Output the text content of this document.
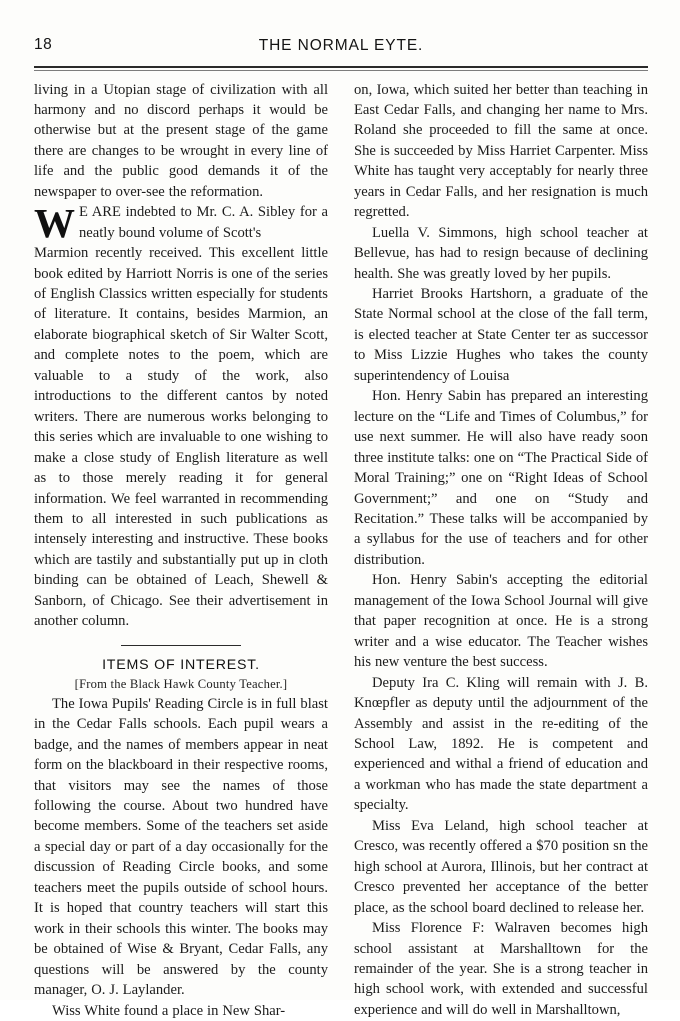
18	THE NORMAL EYTE.

living in a Utopian stage of civilization with all harmony and no discord perhaps it would be otherwise but at the present stage of the game there are changes to be wrought in every line of life and the public good demands it of the newspaper to over-see the reformation.

W E ARE indebted to Mr. C. A. Sibley for a neatly bound volume of Scott's

Marmion recently received. This excellent little book edited by Harriott Norris is one of the series of English Classics written especially for students of literature. It contains, besides Marmion, an elaborate biographical sketch of Sir Walter Scott, and complete notes to the poem, which are valuable to a study of the work, also introductions to the different cantos by noted writers. There are numerous works belonging to this series which are invaluable to one wishing to make a close study of English literature as well as to those merely reading it for general information. We feel warranted in recommending them to all interested in such publications as intensely interesting and instructive. These books which are tastily and substantially put up in cloth binding can be obtained of Leach, Shewell & Sanborn, of Chicago. See their advertisement in another column.

ITEMS OF INTEREST.
[From the Black Hawk County Teacher.]

The Iowa Pupils' Reading Circle is in full blast in the Cedar Falls schools. Each pupil wears a badge, and the names of members appear in neat form on the blackboard in their respective rooms, that visitors may see the names of those following the course. About two hundred have become members. Some of the teachers set aside a special day or part of a day occasionally for the discussion of Reading Circle books, and some teachers meet the pupils outside of school hours. It is hoped that country teachers will start this work in their schools this winter. The books may be obtained of Wise & Bryant, Cedar Falls, any questions will be answered by the county manager, O. J. Laylander.

Wiss White found a place in New Shar-

on, Iowa, which suited her better than teaching in East Cedar Falls, and changing her name to Mrs. Roland she proceeded to fill the same at once. She is succeeded by Miss Harriet Carpenter. Miss White has taught very acceptably for nearly three years in Cedar Falls, and her resignation is much regretted.

Luella V. Simmons, high school teacher at Bellevue, has had to resign because of declining health. She was greatly loved by her pupils.

Harriet Brooks Hartshorn, a graduate of the State Normal school at the close of the fall term, is elected teacher at State Center ter as successor to Miss Lizzie Hughes who takes the county superintendency of Louisa

Hon. Henry Sabin has prepared an interesting lecture on the “Life and Times of Columbus,” for use next summer. He will also have ready soon three institute talks: one on “The Practical Side of Moral Training;” one on “Right Ideas of School Government;” and one on “Study and Recitation.” These talks will be accompanied by a syllabus for the use of teachers and for other distribution.

Hon. Henry Sabin's accepting the editorial management of the Iowa School Journal will give that paper recognition at once. He is a strong writer and a wise educator. The Teacher wishes his new venture the best success.

Deputy Ira C. Kling will remain with J. B. Knœpfler as deputy until the adjournment of the Assembly and assist in the re-editing of the School Law, 1892. He is competent and experienced and withal a friend of education and a workman who has made the state department a specialty.

Miss Eva Leland, high school teacher at Cresco, was recently offered a $70 position sn the high school at Aurora, Illinois, but her contract at Cresco prevented her acceptance of the better place, as the school board declined to release her.

Miss Florence F: Walraven becomes high school assistant at Marshalltown for the remainder of the year. She is a strong teacher in high school work, with extended and successful experience and will do well in Marshalltown,
